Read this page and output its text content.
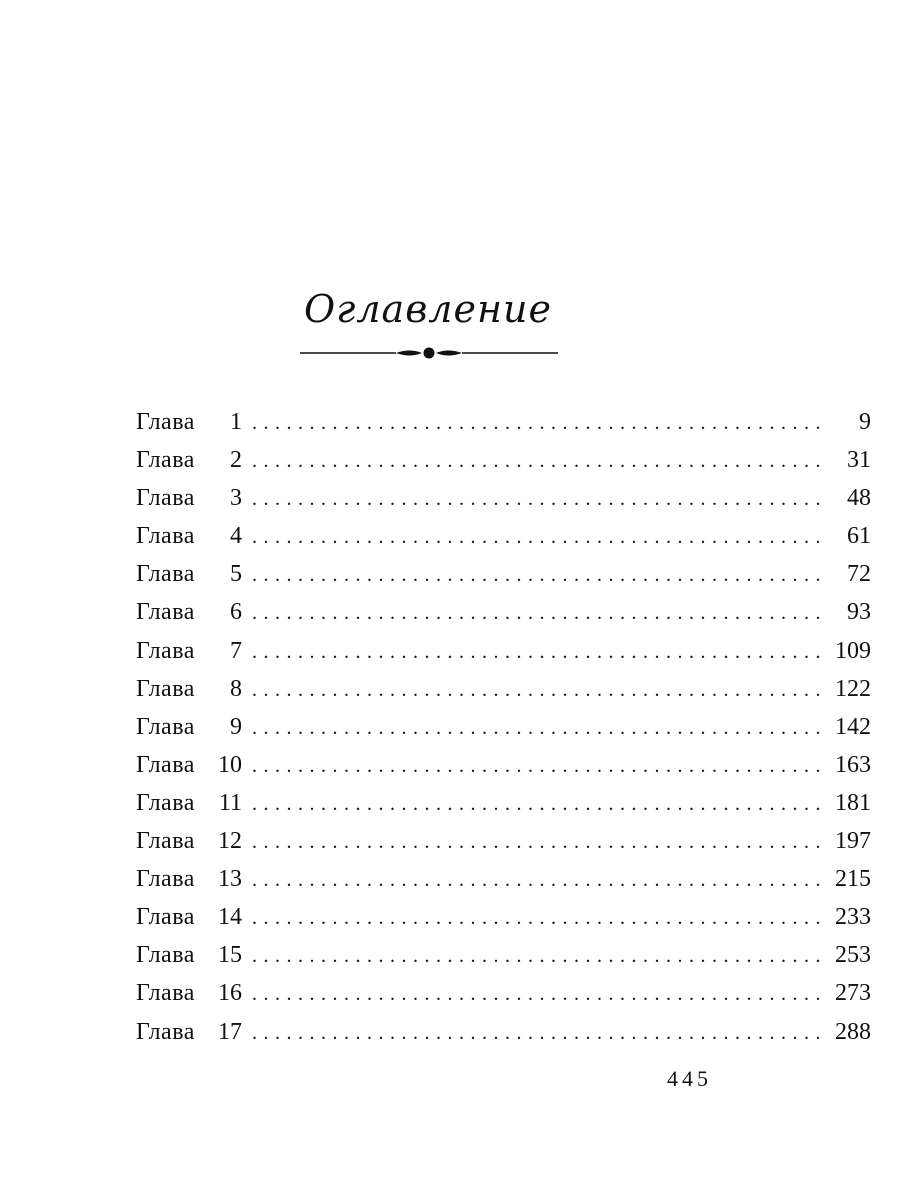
Оглавление
Глава	1 ..................................................	9
Глава	2 .................................................. 31
Глава	3 .................................................. 48
Глава	4 .................................................. 61
Глава	5 .................................................. 72
Глава	6 .................................................. 93
Глава	7 .................................................. 109
Глава	8 .................................................. 122
Глава	9 .................................................. 142
Глава 10 .................................................. 163
Глава	11 .................................................. 181
Глава 12 .................................................. 197
Глава 13 .................................................. 215
Глава 14 .................................................. 233
Глава 15 .................................................. 253
Глава 16 .................................................. 273
Глава 17 .................................................. 288
445
